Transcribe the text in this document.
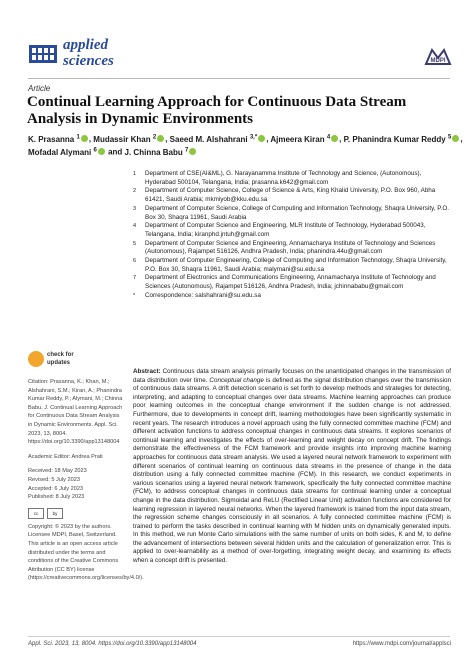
applied
sciences	MDPI
Article
Continual Learning Approach for Continuous Data Stream
Analysis in Dynamic Environments
K. Prasanna $^1$ , Mudassir Khan $^2$ , Saeed M. Alshahrani $^{3,*}$ , Ajmeera Kiran $^4$ , P. Phanindra Kumar Reddy $^5$ ,
Mofadal Alymani $^6$ and J. Chinna Babu $^7$
1	Department of CSE(AI&ML), G. Narayanamma Institute of Technology and Science, (Autonomous), Hyderabad 500104, Telangana, India; prasanna.k642@gmail.com
2	Department of Computer Science, College of Science & Arts, King Khalid University, P.O. Box 960, Abha 61421, Saudi Arabia; mkmiyob@kku.edu.sa
3	Department of Computer Science, College of Computing and Information Technology, Shaqra University, P.O. Box 30, Shaqra 11961, Saudi Arabia
4	Department of Computer Science and Engineering, MLR Institute of Technology, Hyderabad 500043, Telangana, India; kiranphd.jntuh@gmail.com
5	Department of Computer Science and Engineering, Annamacharya Institute of Technology and Sciences (Autonomous), Rajampet 516126, Andhra Pradesh, India; phanindra.44u@gmail.com
6	Department of Computer Engineering, College of Computing and Information Technology, Shaqra University, P.O. Box 30, Shaqra 11961, Saudi Arabia; malymani@su.edu.sa
7	Department of Electronics and Communications Engineering, Annamacharya Institute of Technology and Sciences (Autonomous), Rajampet 516126, Andhra Pradesh, India; jchinnababu@gmail.com
*	Correspondence: salshahrani@su.edu.sa
check for
updates
Citation: Prasanna, K.; Khan, M.; Alshahrani, S.M.; Kiran, A.; Phanindra Kumar Reddy, P.; Alymani, M.; Chinna Babu, J. Continual Learning Approach for Continuous Data Stream Analysis in Dynamic Environments. Appl. Sci. 2023, 13, 8004. https://doi.org/10.3390/app13148004
Academic Editor: Andrea Prati
Received: 18 May 2023
Revised: 5 July 2023
Accepted: 6 July 2023
Published: 8 July 2023
cc	by
Copyright: © 2023 by the authors. Licensee MDPI, Basel, Switzerland. This article is an open access article distributed under the terms and conditions of the Creative Commons Attribution (CC BY) license (https://creativecommons.org/licenses/by/4.0/).
Abstract: Continuous data stream analysis primarily focuses on the unanticipated changes in the transmission of data distribution over time. Conceptual change is defined as the signal distribution changes over the transmission of continuous data streams. A drift detection scenario is set forth to develop methods and strategies for detecting, interpreting, and adapting to conceptual changes over data streams. Machine learning approaches can produce poor learning outcomes in the conceptual change environment if the sudden change is not addressed. Furthermore, due to developments in concept drift, learning methodologies have been significantly systematic in recent years. The research introduces a novel approach using the fully connected committee machine (FCM) and different activation functions to address conceptual changes in continuous data streams. It explores scenarios of continual learning and investigates the effects of over-learning and weight decay on concept drift. The findings demonstrate the effectiveness of the FCM framework and provide insights into improving machine learning approaches for continuous data stream analysis. We used a layered neural network framework to experiment with different scenarios of continual learning on continuous data streams in the presence of change in the data distribution using a fully connected committee machine (FCM). In this research, we conduct experiments in various scenarios using a layered neural network framework, specifically the fully connected committee machine (FCM), to address conceptual changes in continuous data streams for continual learning under a conceptual change in the data distribution. Sigmoidal and ReLU (Rectified Linear Unit) activation functions are considered for learning regression in layered neural networks. When the layered framework is trained from the input data stream, the regression scheme changes consciously in all scenarios. A fully connected committee machine (FCM) is trained to perform the tasks described in continual learning with M hidden units on dynamically generated inputs. In this method, we run Monte Carlo simulations with the same number of units on both sides, K and M, to define the advancement of intersections between several hidden units and the calculation of generalization error. This is applied to over-learnability as a method of over-forgetting, integrating weight decay, and examining its effects when a concept drift is presented.
Appl. Sci. 2023, 13, 8004. https://doi.org/10.3390/app13148004	https://www.mdpi.com/journal/applsci
